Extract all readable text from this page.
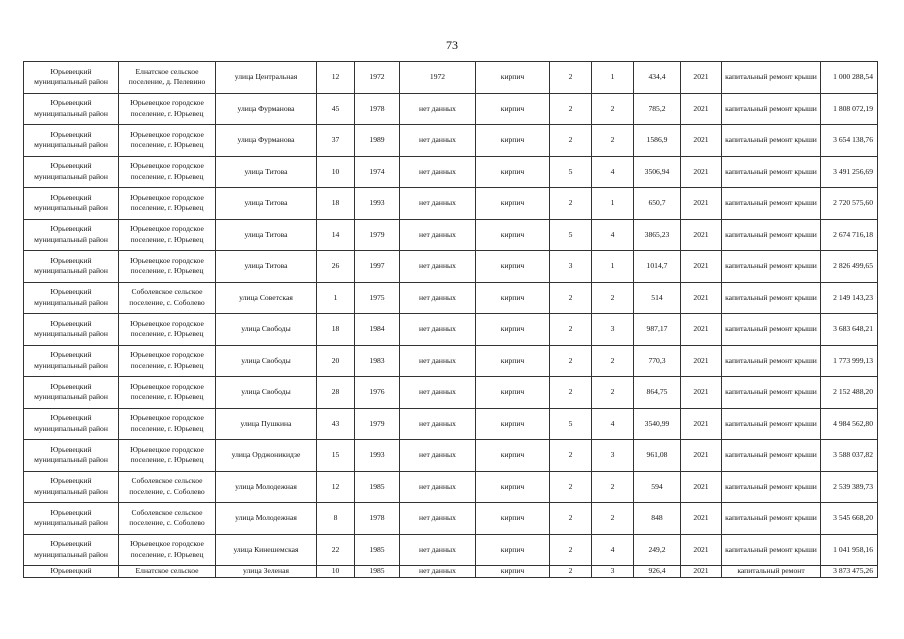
73
Юрьевецкий муниципальный район	Елнатское сельское поселение, д. Пелевино	улица Центральная	12	1972	1972	кирпич	2	1	434,4	2021	капитальный ремонт крыши	1 000 288,54
Юрьевецкий муниципальный район	Юрьевецкое городское поселение, г. Юрьевец	улица Фурманова	45	1978	нет данных	кирпич	2	2	785,2	2021	капитальный ремонт крыши	1 808 072,19
Юрьевецкий муниципальный район	Юрьевецкое городское поселение, г. Юрьевец	улица Фурманова	37	1989	нет данных	кирпич	2	2	1586,9	2021	капитальный ремонт крыши	3 654 138,76
Юрьевецкий муниципальный район	Юрьевецкое городское поселение, г. Юрьевец	улица Титова	10	1974	нет данных	кирпич	5	4	3506,94	2021	капитальный ремонт крыши	3 491 256,69
Юрьевецкий муниципальный район	Юрьевецкое городское поселение, г. Юрьевец	улица Титова	18	1993	нет данных	кирпич	2	1	650,7	2021	капитальный ремонт крыши	2 720 575,60
Юрьевецкий муниципальный район	Юрьевецкое городское поселение, г. Юрьевец	улица Титова	14	1979	нет данных	кирпич	5	4	3865,23	2021	капитальный ремонт крыши	2 674 716,18
Юрьевецкий муниципальный район	Юрьевецкое городское поселение, г. Юрьевец	улица Титова	26	1997	нет данных	кирпич	3	1	1014,7	2021	капитальный ремонт крыши	2 826 499,65
Юрьевецкий муниципальный район	Соболевское сельское поселение, с. Соболево	улица Советская	1	1975	нет данных	кирпич	2	2	514	2021	капитальный ремонт крыши	2 149 143,23
Юрьевецкий муниципальный район	Юрьевецкое городское поселение, г. Юрьевец	улица Свободы	18	1984	нет данных	кирпич	2	3	987,17	2021	капитальный ремонт крыши	3 683 648,21
Юрьевецкий муниципальный район	Юрьевецкое городское поселение, г. Юрьевец	улица Свободы	20	1983	нет данных	кирпич	2	2	770,3	2021	капитальный ремонт крыши	1 773 999,13
Юрьевецкий муниципальный район	Юрьевецкое городское поселение, г. Юрьевец	улица Свободы	28	1976	нет данных	кирпич	2	2	864,75	2021	капитальный ремонт крыши	2 152 488,20
Юрьевецкий муниципальный район	Юрьевецкое городское поселение, г. Юрьевец	улица Пушкина	43	1979	нет данных	кирпич	5	4	3540,99	2021	капитальный ремонт крыши	4 984 562,80
Юрьевецкий муниципальный район	Юрьевецкое городское поселение, г. Юрьевец	улица Орджоникидзе	15	1993	нет данных	кирпич	2	3	961,08	2021	капитальный ремонт крыши	3 588 037,82
Юрьевецкий муниципальный район	Соболевское сельское поселение, с. Соболево	улица Молодежная	12	1985	нет данных	кирпич	2	2	594	2021	капитальный ремонт крыши	2 539 389,73
Юрьевецкий муниципальный район	Соболевское сельское поселение, с. Соболево	улица Молодежная	8	1978	нет данных	кирпич	2	2	848	2021	капитальный ремонт крыши	3 545 668,20
Юрьевецкий муниципальный район	Юрьевецкое городское поселение, г. Юрьевец	улица Кинешемская	22	1985	нет данных	кирпич	2	4	249,2	2021	капитальный ремонт крыши	1 041 958,16
Юрьевецкий	Елнатское сельское	улица Зеленая	10	1985	нет данных	кирпич	2	3	926,4	2021	капитальный ремонт	3 873 475,26
